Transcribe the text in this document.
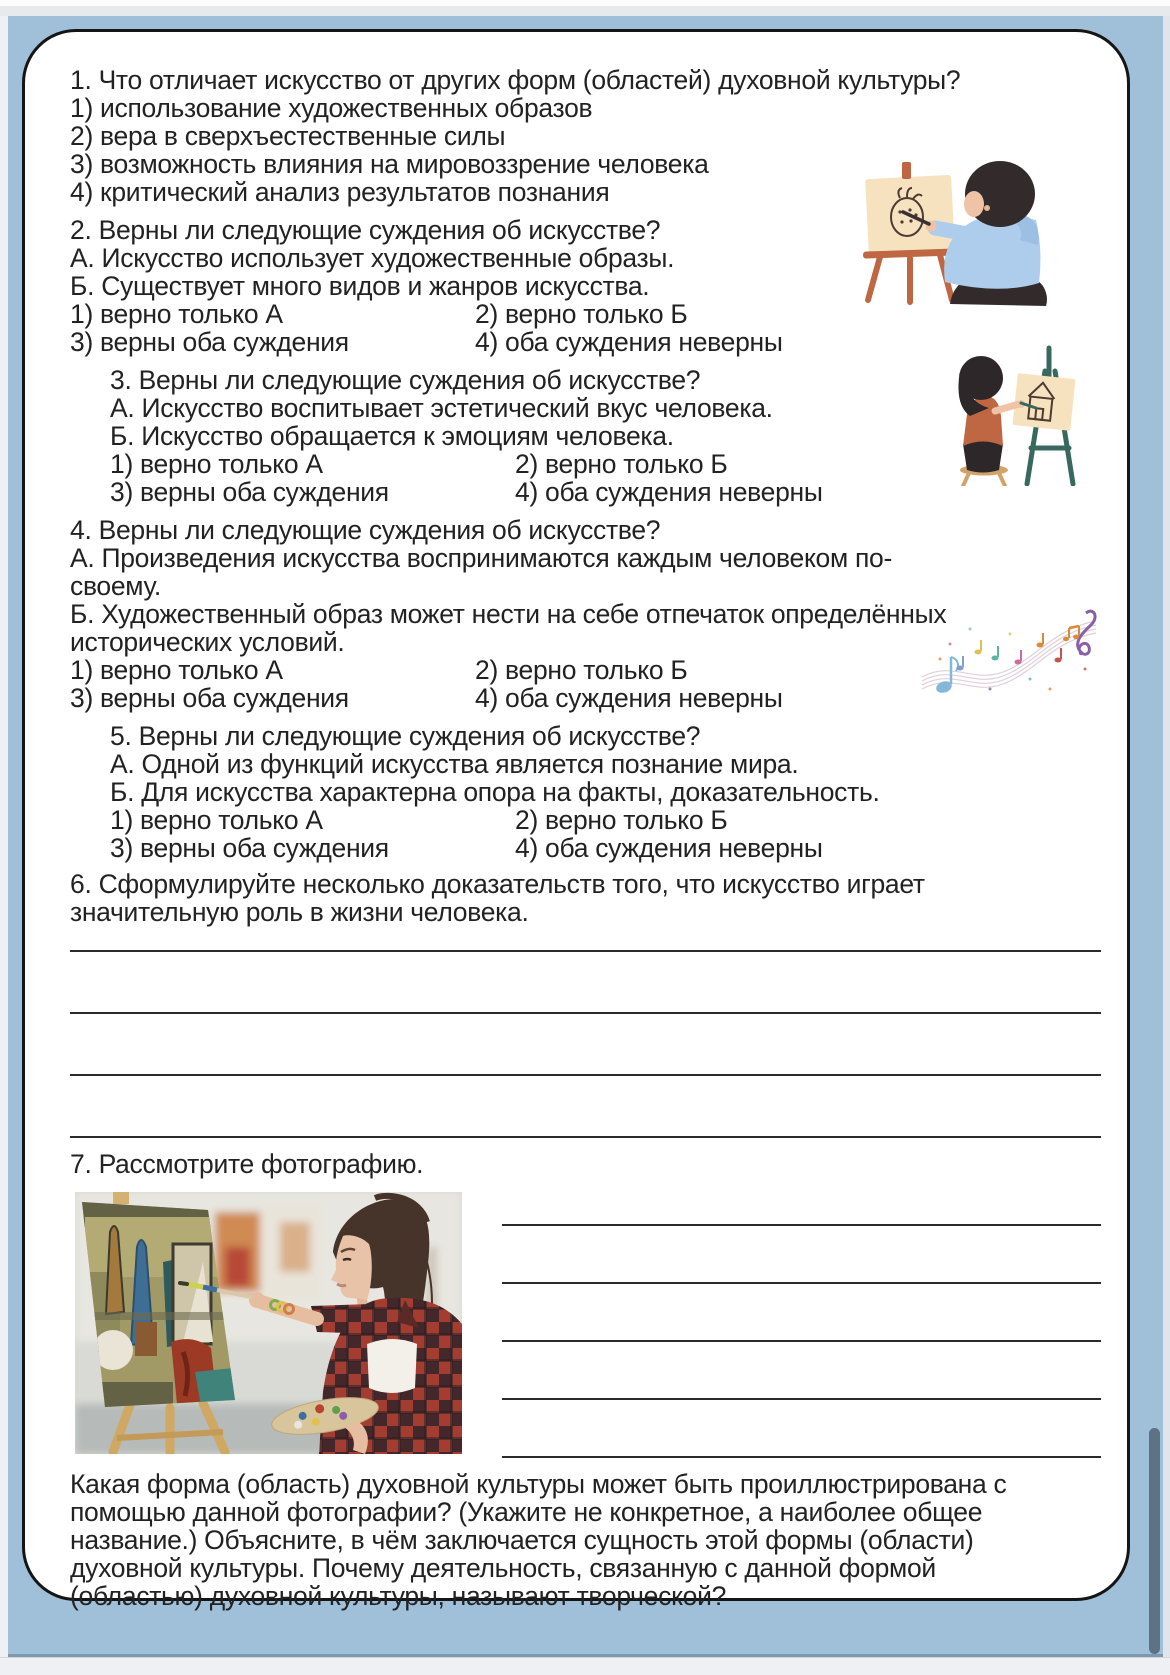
1. Что отличает искусство от других форм (областей) духовной культуры?
1) использование художественных образов
2) вера в сверхъестественные силы
3) возможность влияния на мировоззрение человека
4) критический анализ результатов познания
2. Верны ли следующие суждения об искусстве?
А. Искусство использует художественные образы.
Б. Существует много видов и жанров искусства.
1) верно только А	2) верно только Б
3) верны оба суждения	4) оба суждения неверны
3. Верны ли следующие суждения об искусстве?
А. Искусство воспитывает эстетический вкус человека.
Б. Искусство обращается к эмоциям человека.
1) верно только А	2) верно только Б
3) верны оба суждения	4) оба суждения неверны
4. Верны ли следующие суждения об искусстве?
А. Произведения искусства воспринимаются каждым человеком по-
своему.
Б. Художественный образ может нести на себе отпечаток определённых
исторических условий.
1) верно только А	2) верно только Б
3) верны оба суждения	4) оба суждения неверны
5. Верны ли следующие суждения об искусстве?
А. Одной из функций искусства является познание мира.
Б. Для искусства характерна опора на факты, доказательность.
1) верно только А	2) верно только Б
3) верны оба суждения	4) оба суждения неверны
6. Сформулируйте несколько доказательств того, что искусство играет
значительную роль в жизни человека.
7. Рассмотрите фотографию.
Какая форма (область) духовной культуры может быть проиллюстрирована с
помощью данной фотографии? (Укажите не конкретное, а наиболее общее
название.) Объясните, в чём заключается сущность этой формы (области)
духовной культуры. Почему деятельность, связанную с данной формой
(областью) духовной культуры, называют творческой?
